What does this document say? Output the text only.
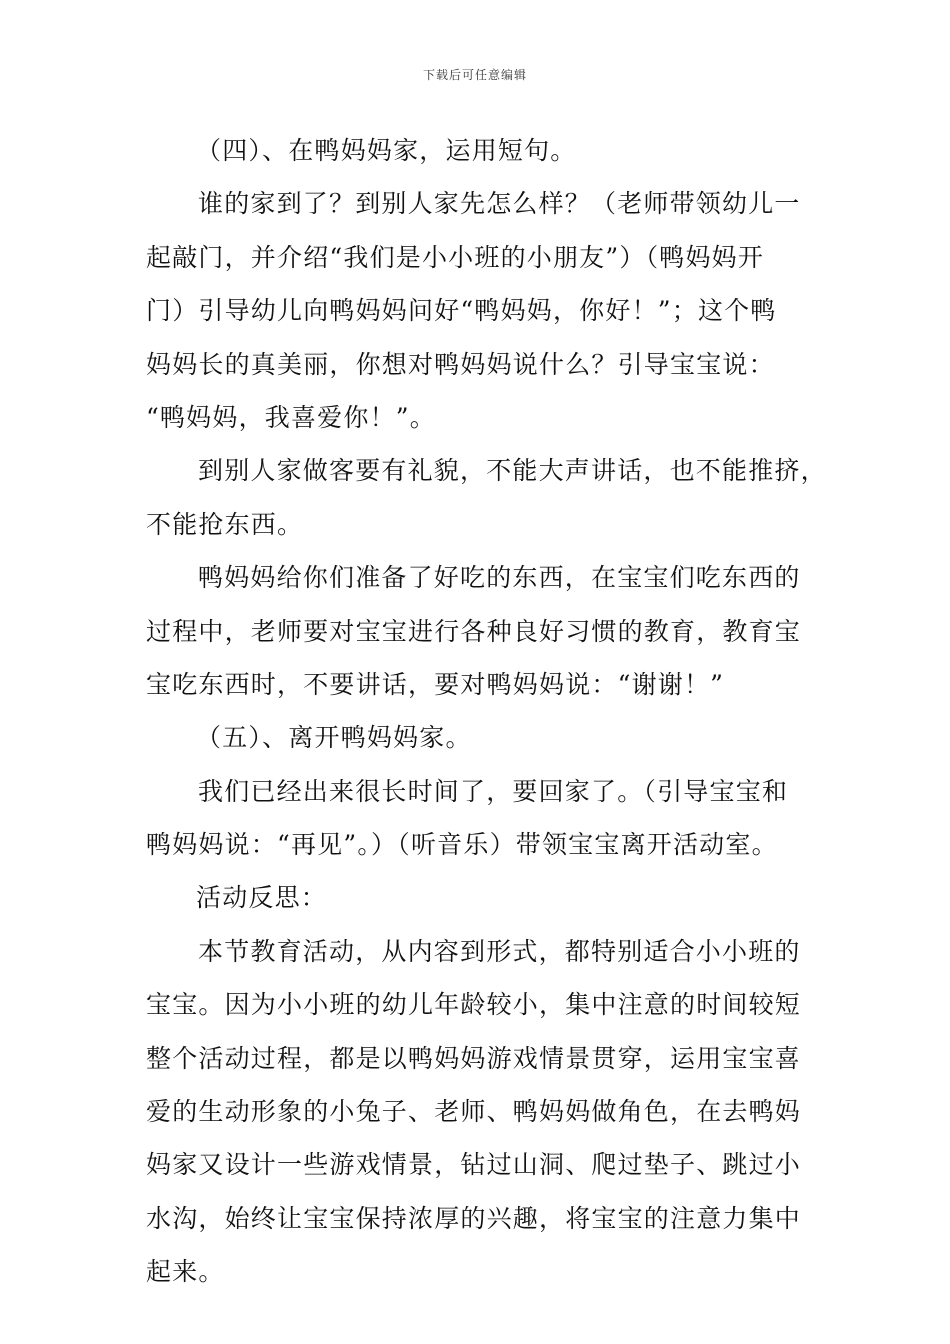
下载后可任意编辑
（四）、在鸭妈妈家，运用短句。
谁的家到了？到别人家先怎么样？（老师带领幼儿一
起敲门，并介绍“我们是小小班的小朋友”）（鸭妈妈开
门）引导幼儿向鸭妈妈问好“鸭妈妈，你好！”；这个鸭
妈妈长的真美丽，你想对鸭妈妈说什么？引导宝宝说：
“鸭妈妈，我喜爱你！”。
到别人家做客要有礼貌，不能大声讲话，也不能推挤，
不能抢东西。
鸭妈妈给你们准备了好吃的东西，在宝宝们吃东西的
过程中，老师要对宝宝进行各种良好习惯的教育，教育宝
宝吃东西时，不要讲话，要对鸭妈妈说：“谢谢！”
（五）、离开鸭妈妈家。
我们已经出来很长时间了，要回家了。（引导宝宝和
鸭妈妈说：“再见”。）（听音乐）带领宝宝离开活动室。
活动反思：
本节教育活动，从内容到形式，都特别适合小小班的
宝宝。因为小小班的幼儿年龄较小，集中注意的时间较短
整个活动过程，都是以鸭妈妈游戏情景贯穿，运用宝宝喜
爱的生动形象的小兔子、老师、鸭妈妈做角色，在去鸭妈
妈家又设计一些游戏情景，钻过山洞、爬过垫子、跳过小
水沟，始终让宝宝保持浓厚的兴趣，将宝宝的注意力集中
起来。
